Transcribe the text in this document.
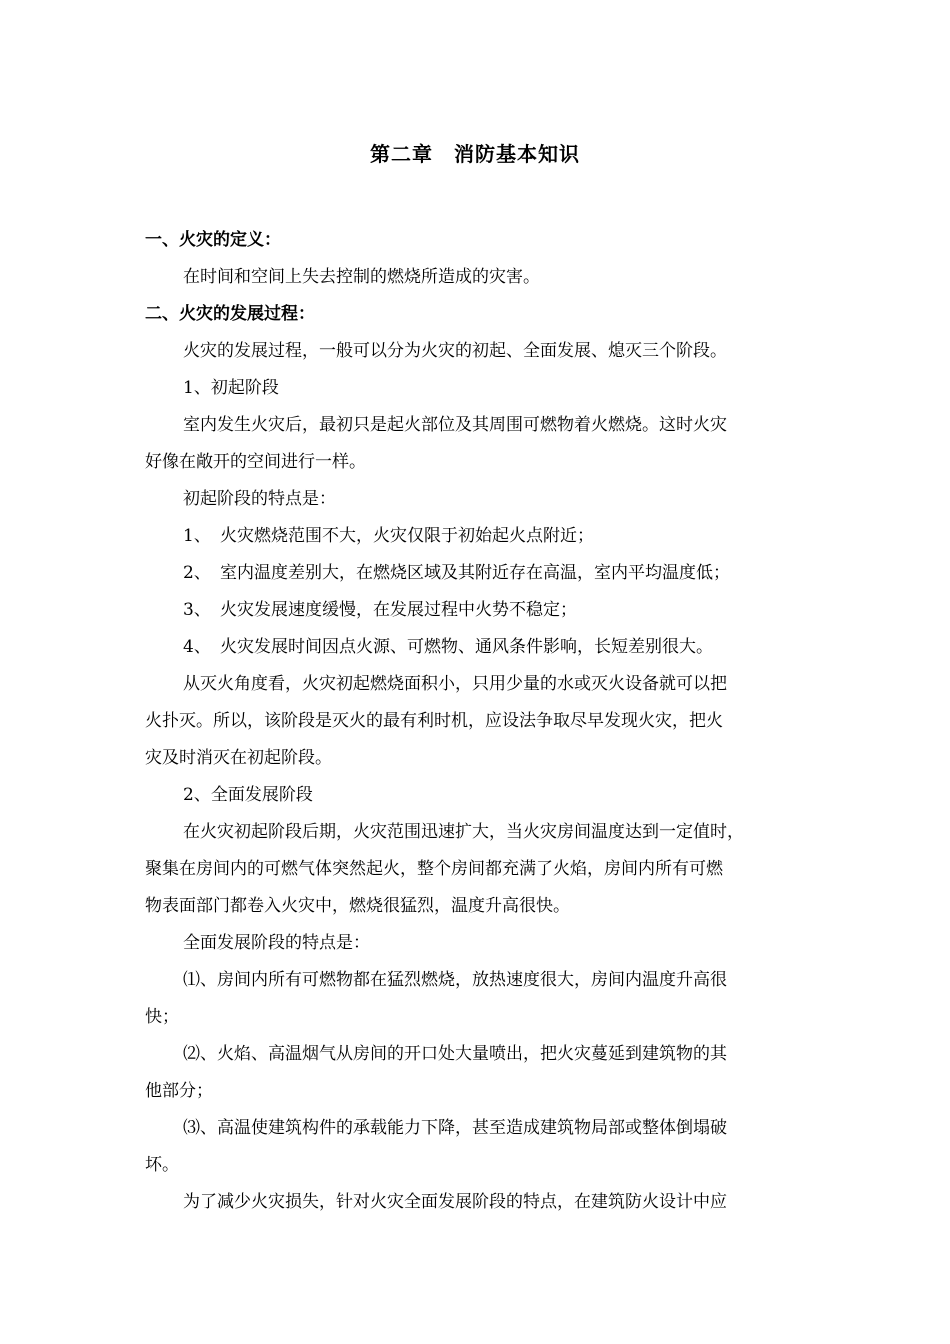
第二章　消防基本知识
一、火灾的定义：
在时间和空间上失去控制的燃烧所造成的灾害。
二、火灾的发展过程：
火灾的发展过程，一般可以分为火灾的初起、全面发展、熄灭三个阶段。
1、初起阶段
室内发生火灾后，最初只是起火部位及其周围可燃物着火燃烧。这时火灾
好像在敞开的空间进行一样。
初起阶段的特点是：
1、 火灾燃烧范围不大，火灾仅限于初始起火点附近；
2、 室内温度差别大，在燃烧区域及其附近存在高温，室内平均温度低；
3、 火灾发展速度缓慢，在发展过程中火势不稳定；
4、 火灾发展时间因点火源、可燃物、通风条件影响，长短差别很大。
从灭火角度看，火灾初起燃烧面积小，只用少量的水或灭火设备就可以把
火扑灭。所以，该阶段是灭火的最有利时机，应设法争取尽早发现火灾，把火
灾及时消灭在初起阶段。
2、全面发展阶段
在火灾初起阶段后期，火灾范围迅速扩大，当火灾房间温度达到一定值时，
聚集在房间内的可燃气体突然起火，整个房间都充满了火焰，房间内所有可燃
物表面部门都卷入火灾中，燃烧很猛烈，温度升高很快。
全面发展阶段的特点是：
⑴、房间内所有可燃物都在猛烈燃烧，放热速度很大，房间内温度升高很
快；
⑵、火焰、高温烟气从房间的开口处大量喷出，把火灾蔓延到建筑物的其
他部分；
⑶、高温使建筑构件的承载能力下降，甚至造成建筑物局部或整体倒塌破
坏。
为了减少火灾损失，针对火灾全面发展阶段的特点，在建筑防火设计中应
